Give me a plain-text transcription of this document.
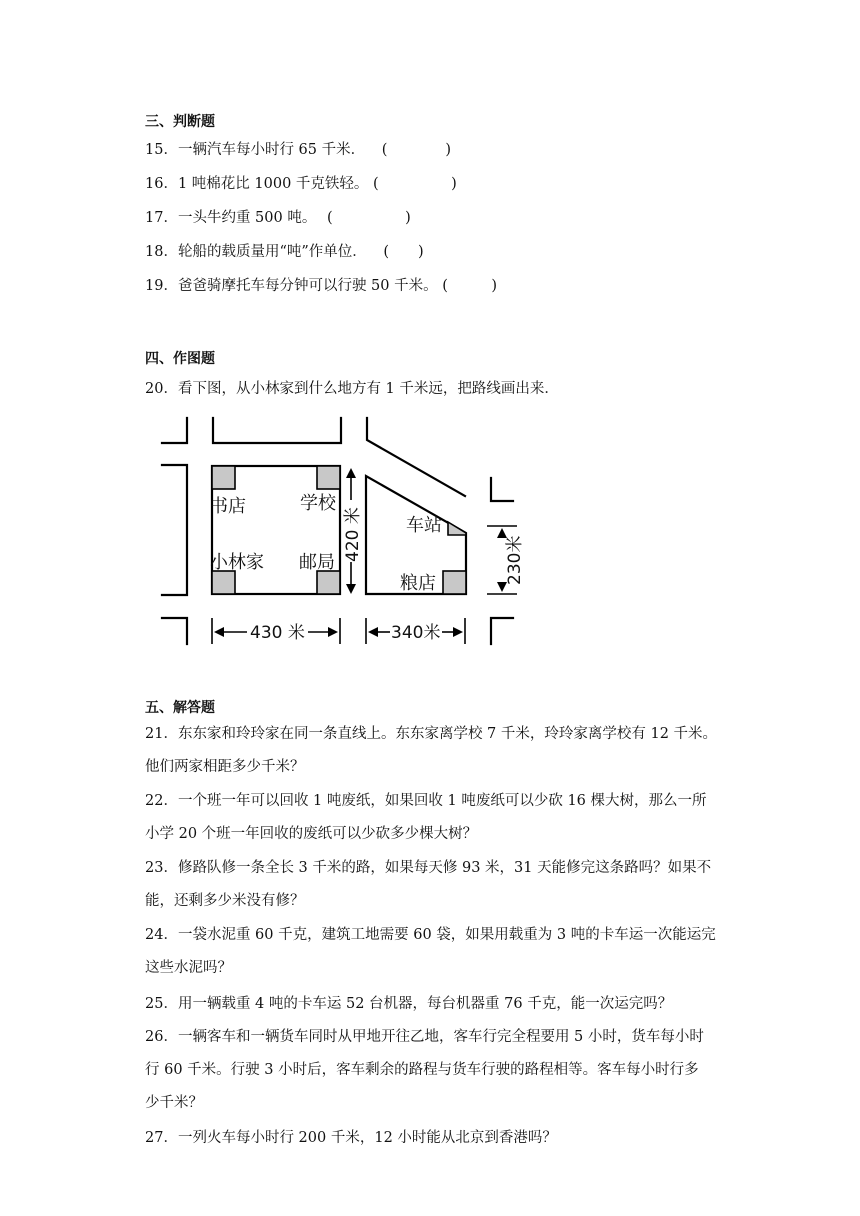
三、判断题
15．一辆汽车每小时行 65 千米． (　　　　)
16．1 吨棉花比 1000 千克铁轻。 (　　　　　)
17．一头牛约重 500 吨。 (　　　　　)
18．轮船的载质量用“吨”作单位． (　　)
19．爸爸骑摩托车每分钟可以行驶 50 千米。 (　　　)
四、作图题
20．看下图，从小林家到什么地方有 1 千米远，把路线画出来．
书店	学校
小林家 邮局
车站
粮店
430 米	340米
420 米	230米
五、解答题
21．东东家和玲玲家在同一条直线上。东东家离学校 7 千米，玲玲家离学校有 12 千米。
他们两家相距多少千米？
22．一个班一年可以回收 1 吨废纸，如果回收 1 吨废纸可以少砍 16 棵大树，那么一所
小学 20 个班一年回收的废纸可以少砍多少棵大树？
23．修路队修一条全长 3 千米的路，如果每天修 93 米，31 天能修完这条路吗？如果不
能，还剩多少米没有修？
24．一袋水泥重 60 千克，建筑工地需要 60 袋，如果用载重为 3 吨的卡车运一次能运完
这些水泥吗？
25．用一辆载重 4 吨的卡车运 52 台机器，每台机器重 76 千克，能一次运完吗？
26．一辆客车和一辆货车同时从甲地开往乙地，客车行完全程要用 5 小时，货车每小时
行 60 千米。行驶 3 小时后，客车剩余的路程与货车行驶的路程相等。客车每小时行多
少千米？
27．一列火车每小时行 200 千米，12 小时能从北京到香港吗？
